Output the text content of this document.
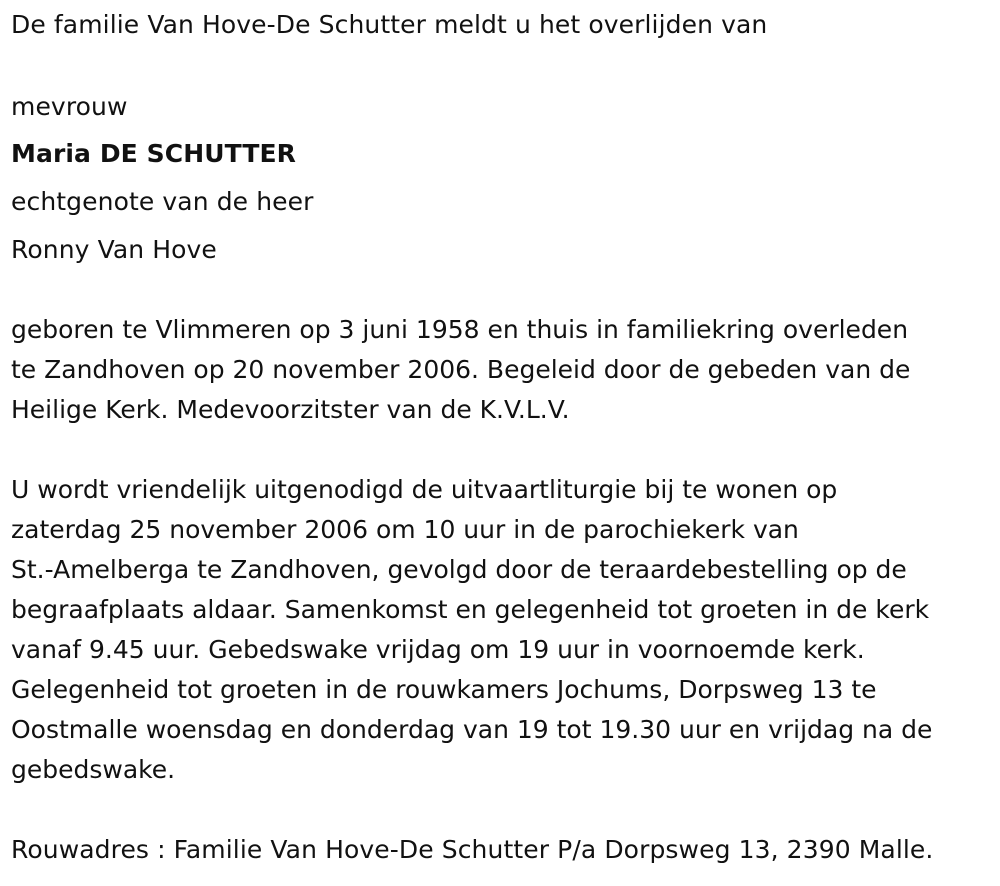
De familie Van Hove-De Schutter meldt u het overlijden van
mevrouw
Maria DE SCHUTTER
echtgenote van de heer
Ronny Van Hove
geboren te Vlimmeren op 3 juni 1958 en thuis in familiekring overleden
te Zandhoven op 20 november 2006. Begeleid door de gebeden van de
Heilige Kerk. Medevoorzitster van de K.V.L.V.
U wordt vriendelijk uitgenodigd de uitvaartliturgie bij te wonen op
zaterdag 25 november 2006 om 10 uur in de parochiekerk van
St.-Amelberga te Zandhoven, gevolgd door de teraardebestelling op de
begraafplaats aldaar. Samenkomst en gelegenheid tot groeten in de kerk
vanaf 9.45 uur. Gebedswake vrijdag om 19 uur in voornoemde kerk.
Gelegenheid tot groeten in de rouwkamers Jochums, Dorpsweg 13 te
Oostmalle woensdag en donderdag van 19 tot 19.30 uur en vrijdag na de
gebedswake.
Rouwadres : Familie Van Hove-De Schutter P/a Dorpsweg 13, 2390 Malle.
